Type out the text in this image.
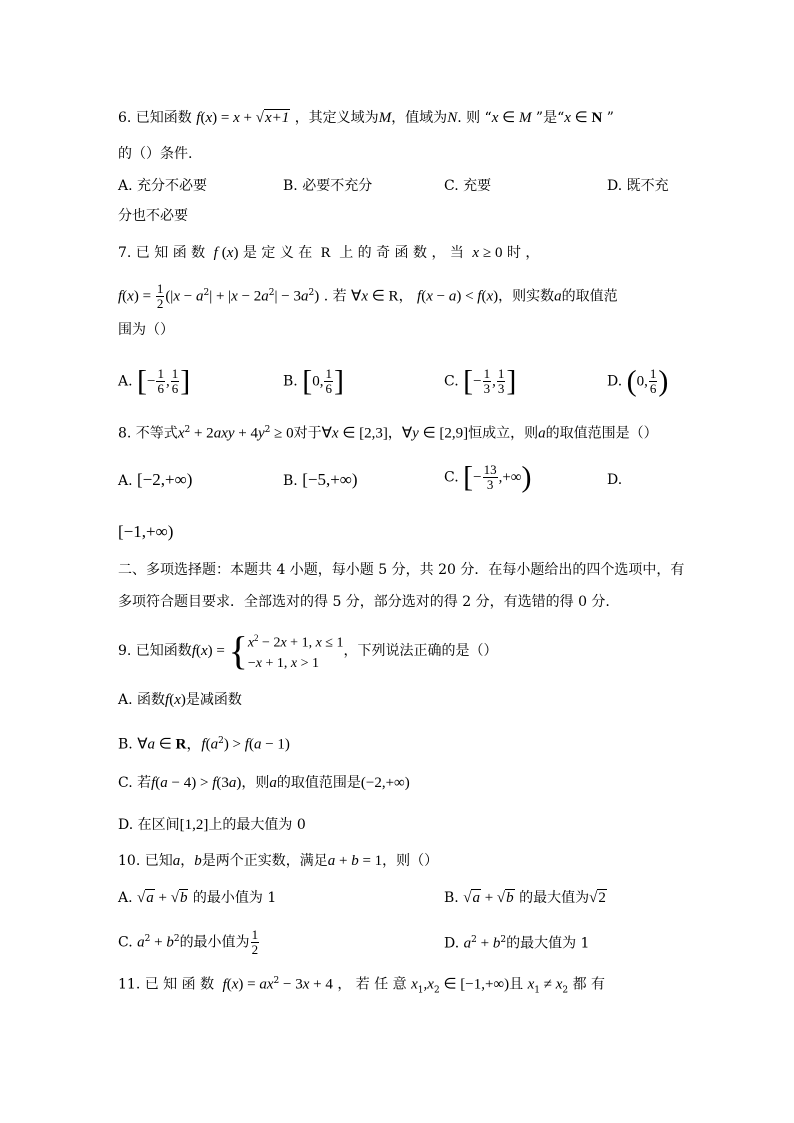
6. 已知函数 f(x) = x + √x+1 ，其定义域为M，值域为N. 则 “x ∈ M ”是“x ∈ N ”
的（）条件.
A. 充分不必要	B. 必要不充分	C. 充要	D. 既不充
分也不必要
7. 已 知 函 数 f (x) 是 定 义 在 R 上 的 奇 函 数 ， 当 x ≥ 0 时 ，
$f(x) = \frac{1}{2} (|x - a^2| + |x - 2a^2| - 3a^2)$ . 若 ∀x ∈ R， f(x − a) < f(x)，则实数a的取值范
围为（）
A. [− $\frac{1}{6}$ , $\frac{1}{6}$ ]	B. [0, $\frac{1}{6}$ ]	C. [− $\frac{1}{3}$ , $\frac{1}{3}$ ]	D. (0, $\frac{1}{6}$ )
8. 不等式$x^2 + 2axy + 4y^2 \ge 0$对于∀x ∈ [2,3]，∀y ∈ [2,9]恒成立，则a的取值范围是（）
A. [−2,+∞)	B. [−5,+∞)	C. [− $\frac{13}{3}$ ,+∞)	D.
[−1,+∞)
二、多项选择题：本题共 4 小题，每小题 5 分，共 20 分．在每小题给出的四个选项中，有
多项符合题目要求．全部选对的得 5 分，部分选对的得 2 分，有选错的得 0 分.
9. 已知函数f(x) = { $x^2 - 2x + 1$, x ≤ 1
−x + 1, x > 1
，下列说法正确的是（）
A. 函数f(x)是减函数
B. ∀a ∈ R，$f(a^2) > f(a - 1)$
C. 若f(a − 4) > f(3a)，则a的取值范围是(−2,+∞)
D. 在区间[1,2]上的最大值为 0
10. 已知a，b是两个正实数，满足a + b = 1，则（）
A. √a + √b 的最小值为 1	B. √a + √b 的最大值为√2
C. $a^2 + b^2$的最小值为 $\frac{1}{2}$	D. $a^2 + b^2$的最大值为 1
11. 已 知 函 数 $f(x) = ax^2 - 3x + 4$ ， 若 任 意 $x_1,x_2$ ∈ [−1,+∞)且 $x_1 \ne x_2$ 都 有
